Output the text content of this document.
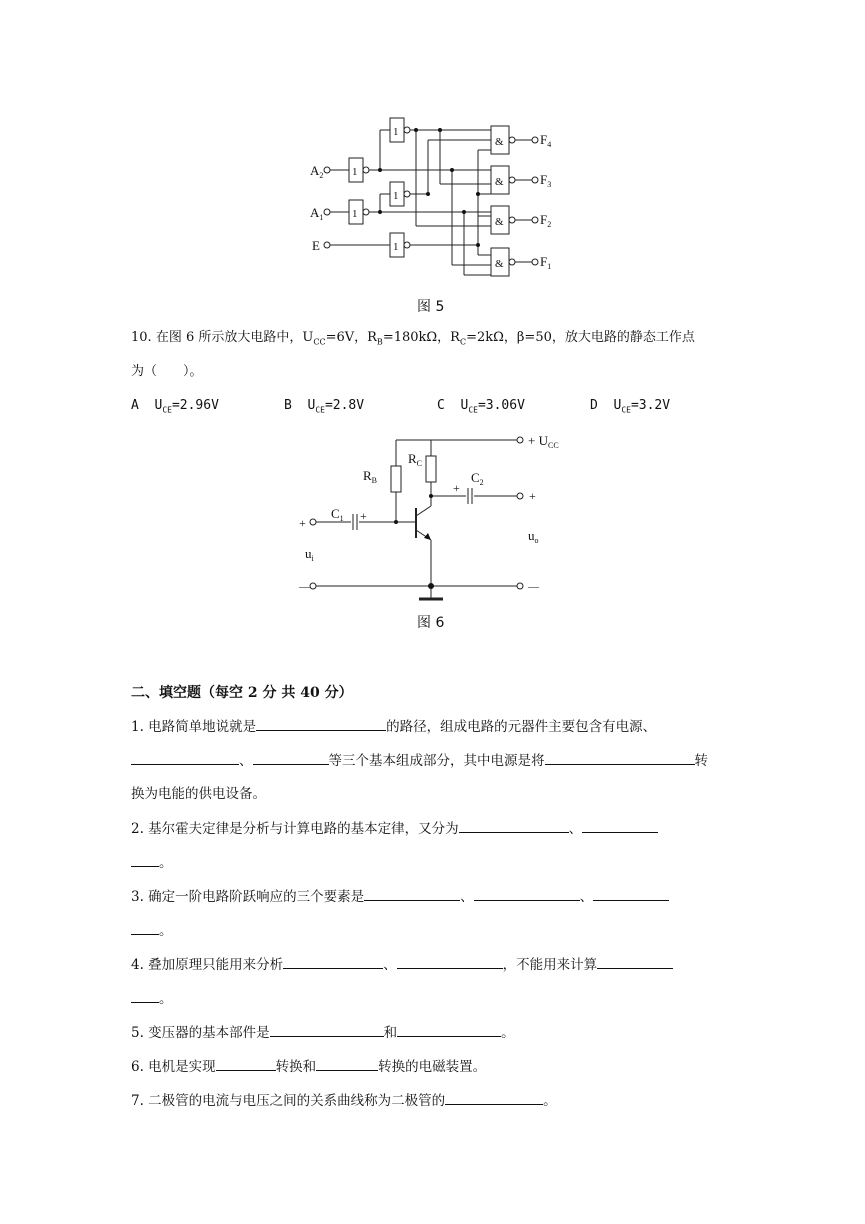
1
1
1
1
1
&
&
&
&
$A_2$
$A_1$
E
$F_4$
$F_3$
$F_2$
$F_1$
图 5
10. 在图 6 所示放大电路中，$U_{CC}=6V$，$R_B=180k\Omega$，$R_C=2k\Omega$，β=50，放大电路的静态工作点
为（　　）。
A $U_{CE}=2.96V$	B $U_{CE}=2.8V$	C $U_{CE}=3.06V$	D $U_{CE}=3.2V$
+ $U_{CC}$
$R_B$
$R_C$
$C_1$
$C_2$
+
+
+
+
—	—
$u_i$
$u_o$
图 6
二、填空题（每空 2 分 共 40 分）
1. 电路简单地说就是	的路径，组成电路的元器件主要包含有电源、
、	等三个基本组成部分，其中电源是将	转
换为电能的供电设备。
2. 基尔霍夫定律是分析与计算电路的基本定律，又分为	、
。
3. 确定一阶电路阶跃响应的三个要素是	、	、
。
4. 叠加原理只能用来分析	、	，不能用来计算
。
5. 变压器的基本部件是	和	。
6. 电机是实现	转换和	转换的电磁装置。
7. 二极管的电流与电压之间的关系曲线称为二极管的	。
